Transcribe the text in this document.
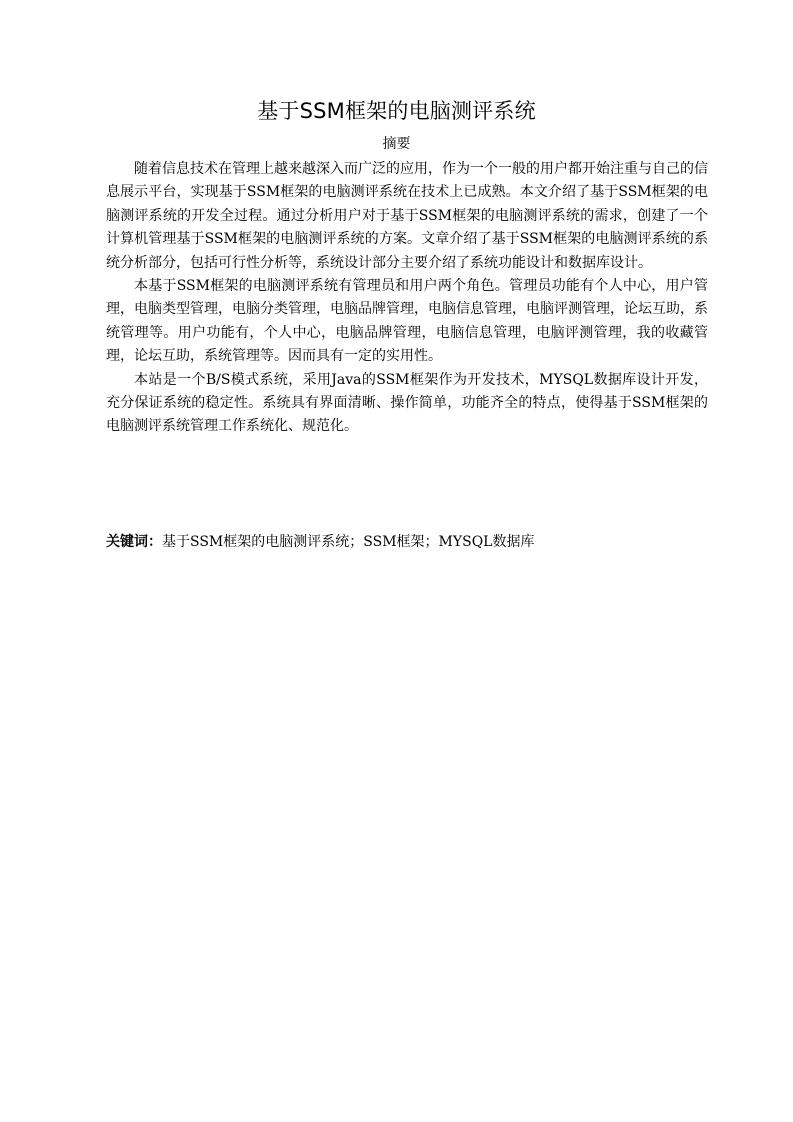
基于SSM框架的电脑测评系统
摘要

随着信息技术在管理上越来越深入而广泛的应用，作为一个一般的用户都开始注重与自己的信息展示平台，实现基于SSM框架的电脑测评系统在技术上已成熟。本文介绍了基于SSM框架的电脑测评系统的开发全过程。通过分析用户对于基于SSM框架的电脑测评系统的需求，创建了一个计算机管理基于SSM框架的电脑测评系统的方案。文章介绍了基于SSM框架的电脑测评系统的系统分析部分，包括可行性分析等，系统设计部分主要介绍了系统功能设计和数据库设计。

本基于SSM框架的电脑测评系统有管理员和用户两个角色。管理员功能有个人中心，用户管理，电脑类型管理，电脑分类管理，电脑品牌管理，电脑信息管理，电脑评测管理，论坛互助，系统管理等。用户功能有，个人中心，电脑品牌管理，电脑信息管理，电脑评测管理，我的收藏管理，论坛互助，系统管理等。因而具有一定的实用性。

本站是一个B/S模式系统，采用Java的SSM框架作为开发技术，MYSQL数据库设计开发，充分保证系统的稳定性。系统具有界面清晰、操作简单，功能齐全的特点，使得基于SSM框架的电脑测评系统管理工作系统化、规范化。

关键词：基于SSM框架的电脑测评系统；SSM框架；MYSQL数据库
